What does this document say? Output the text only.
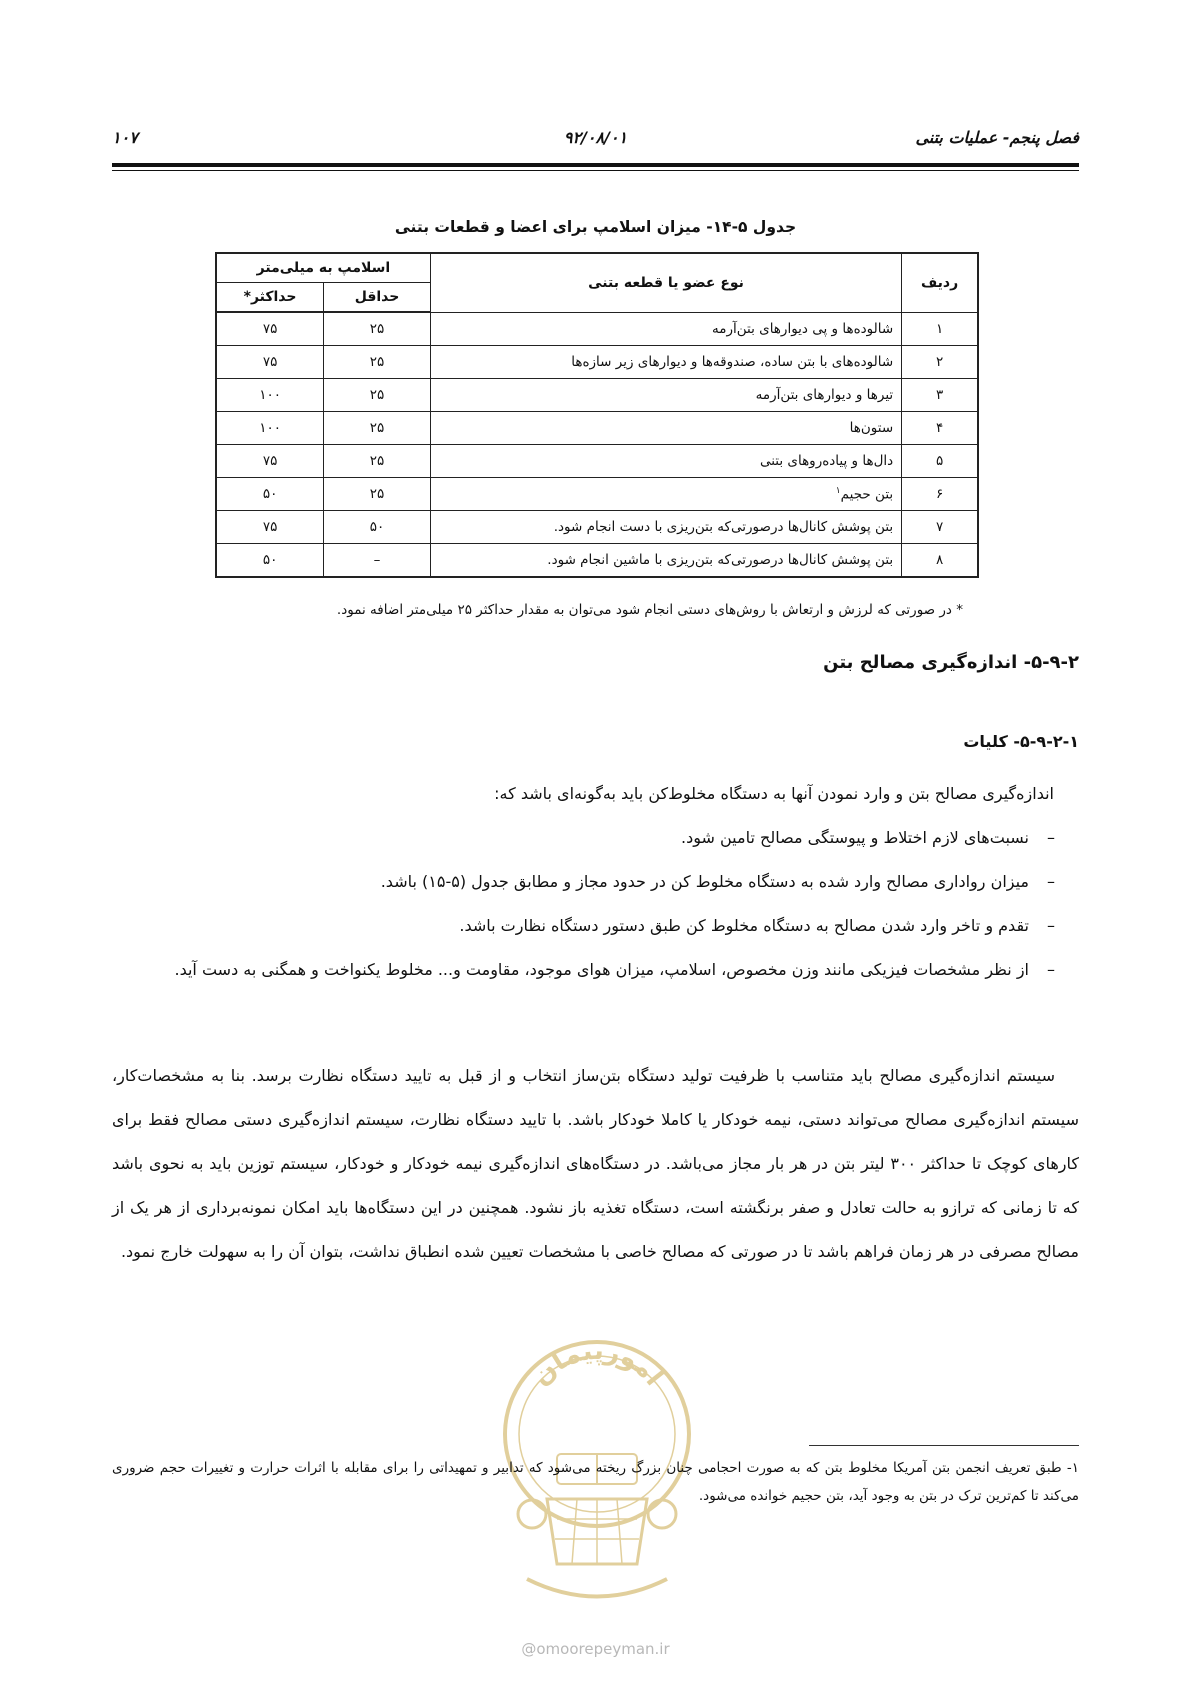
فصل پنجم- عملیات بتنی
۹۲/۰۸/۰۱
۱۰۷
جدول ۵-۱۴- میزان اسلامپ برای اعضا و قطعات بتنی
ردیف	نوع عضو یا قطعه بتنی	اسلامپ به میلی‌متر	
		حداقل	حداکثر*
۱	شالوده‌ها و پی دیوارهای بتن‌آرمه	۲۵	۷۵
۲	شالوده‌های با بتن ساده، صندوقه‌ها و دیوارهای زیر سازه‌ها	۲۵	۷۵
۳	تیرها و دیوارهای بتن‌آرمه	۲۵	۱۰۰
۴	ستون‌ها	۲۵	۱۰۰
۵	دال‌ها و پیاده‌روهای بتنی	۲۵	۷۵
۶	بتن حجیم$^۱$	۲۵	۵۰
۷	بتن پوشش کانال‌ها درصورتی‌که بتن‌ریزی با دست انجام شود.	۵۰	۷۵
۸	بتن پوشش کانال‌ها درصورتی‌که بتن‌ریزی با ماشین انجام شود.	–	۵۰
* در صورتی که لرزش و ارتعاش با روش‌های دستی انجام شود می‌توان به مقدار حداکثر ۲۵ میلی‌متر اضافه نمود.
۵-۹-۲- اندازه‌گیری مصالح بتن
۵-۹-۲-۱- کلیات
اندازه‌گیری مصالح بتن و وارد نمودن آنها به دستگاه مخلوط‌کن باید به‌گونه‌ای باشد که:
–
نسبت‌های لازم اختلاط و پیوستگی مصالح تامین شود.
–
میزان رواداری مصالح وارد شده به دستگاه مخلوط کن در حدود مجاز و مطابق جدول (۵-۱۵) باشد.
–
تقدم و تاخر وارد شدن مصالح به دستگاه مخلوط کن طبق دستور دستگاه نظارت باشد.
–
از نظر مشخصات فیزیکی مانند وزن مخصوص، اسلامپ، میزان هوای موجود، مقاومت و... مخلوط یکنواخت و همگنی به دست آید.
سیستم اندازه‌گیری مصالح باید متناسب با ظرفیت تولید دستگاه بتن‌ساز انتخاب و از قبل به تایید دستگاه نظارت برسد. بنا به مشخصات‌کار، سیستم اندازه‌گیری مصالح می‌تواند دستی، نیمه خودکار یا کاملا خودکار باشد. با تایید دستگاه نظارت، سیستم اندازه‌گیری دستی مصالح فقط برای کارهای کوچک تا حداکثر ۳۰۰ لیتر بتن در هر بار مجاز می‌باشد. در دستگاه‌های اندازه‌گیری نیمه خودکار و خودکار، سیستم توزین باید به نحوی باشد که تا زمانی که ترازو به حالت تعادل و صفر برنگشته است، دستگاه تغذیه باز نشود. همچنین در این دستگاه‌ها باید امکان نمونه‌برداری از هر یک از مصالح مصرفی در هر زمان فراهم باشد تا در صورتی که مصالح خاصی با مشخصات تعیین شده انطباق نداشت، بتوان آن را به سهولت خارج نمود.
امورپیمان
۱- طبق تعریف انجمن بتن آمریکا مخلوط بتن که به صورت احجامی چنان بزرگ ریخته می‌شود که تدابیر و تمهیداتی را برای مقابله با اثرات حرارت و تغییرات حجم ضروری می‌کند تا کم‌ترین ترک در بتن به وجود آید، بتن حجیم خوانده می‌شود.
@omoorepeyman.ir
